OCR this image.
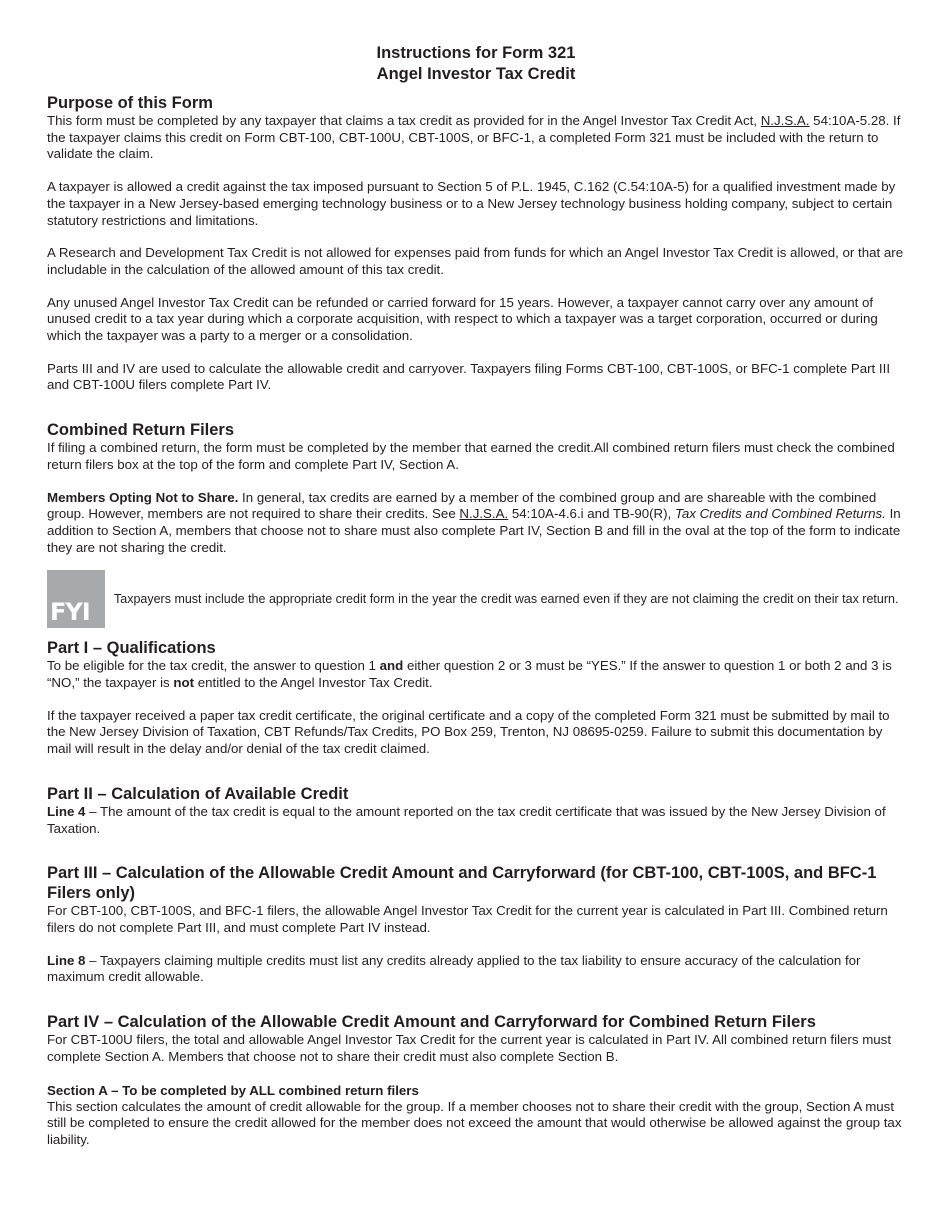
Instructions for Form 321
Angel Investor Tax Credit
Purpose of this Form

This form must be completed by any taxpayer that claims a tax credit as provided for in the Angel Investor Tax Credit Act, N.J.S.A. 54:10A-5.28. If the taxpayer claims this credit on Form CBT-100, CBT-100U, CBT-100S, or BFC-1, a completed Form 321 must be included with the return to validate the claim.

A taxpayer is allowed a credit against the tax imposed pursuant to Section 5 of P.L. 1945, C.162 (C.54:10A-5) for a qualified investment made by the taxpayer in a New Jersey-based emerging technology business or to a New Jersey technology business holding company, subject to certain statutory restrictions and limitations.

A Research and Development Tax Credit is not allowed for expenses paid from funds for which an Angel Investor Tax Credit is allowed, or that are includable in the calculation of the allowed amount of this tax credit.

Any unused Angel Investor Tax Credit can be refunded or carried forward for 15 years. However, a taxpayer cannot carry over any amount of unused credit to a tax year during which a corporate acquisition, with respect to which a taxpayer was a target corporation, occurred or during which the taxpayer was a party to a merger or a consolidation.

Parts III and IV are used to calculate the allowable credit and carryover. Taxpayers filing Forms CBT-100, CBT-100S, or BFC-1 complete Part III and CBT-100U filers complete Part IV.

Combined Return Filers

If filing a combined return, the form must be completed by the member that earned the credit.All combined return filers must check the combined return filers box at the top of the form and complete Part IV, Section A.

Members Opting Not to Share. In general, tax credits are earned by a member of the combined group and are shareable with the combined group. However, members are not required to share their credits. See N.J.S.A. 54:10A-4.6.i and TB-90(R), Tax Credits and Combined Returns. In addition to Section A, members that choose not to share must also complete Part IV, Section B and fill in the oval at the top of the form to indicate they are not sharing the credit.

FYI Taxpayers must include the appropriate credit form in the year the credit was earned even if they are not claiming the credit on their tax return.
Part I – Qualifications

To be eligible for the tax credit, the answer to question 1 and either question 2 or 3 must be “YES.” If the answer to question 1 or both 2 and 3 is “NO,” the taxpayer is not entitled to the Angel Investor Tax Credit.

If the taxpayer received a paper tax credit certificate, the original certificate and a copy of the completed Form 321 must be submitted by mail to the New Jersey Division of Taxation, CBT Refunds/Tax Credits, PO Box 259, Trenton, NJ 08695-0259. Failure to submit this documentation by mail will result in the delay and/or denial of the tax credit claimed.

Part II – Calculation of Available Credit

Line 4 – The amount of the tax credit is equal to the amount reported on the tax credit certificate that was issued by the New Jersey Division of Taxation.

Part III – Calculation of the Allowable Credit Amount and Carryforward (for CBT-100, CBT-100S, and BFC-1 Filers only)

For CBT-100, CBT-100S, and BFC-1 filers, the allowable Angel Investor Tax Credit for the current year is calculated in Part III. Combined return filers do not complete Part III, and must complete Part IV instead.

Line 8 – Taxpayers claiming multiple credits must list any credits already applied to the tax liability to ensure accuracy of the calculation for maximum credit allowable.

Part IV – Calculation of the Allowable Credit Amount and Carryforward for Combined Return Filers

For CBT-100U filers, the total and allowable Angel Investor Tax Credit for the current year is calculated in Part IV. All combined return filers must complete Section A. Members that choose not to share their credit must also complete Section B.

Section A – To be completed by ALL combined return filers

This section calculates the amount of credit allowable for the group. If a member chooses not to share their credit with the group, Section A must still be completed to ensure the credit allowed for the member does not exceed the amount that would otherwise be allowed against the group tax liability.
